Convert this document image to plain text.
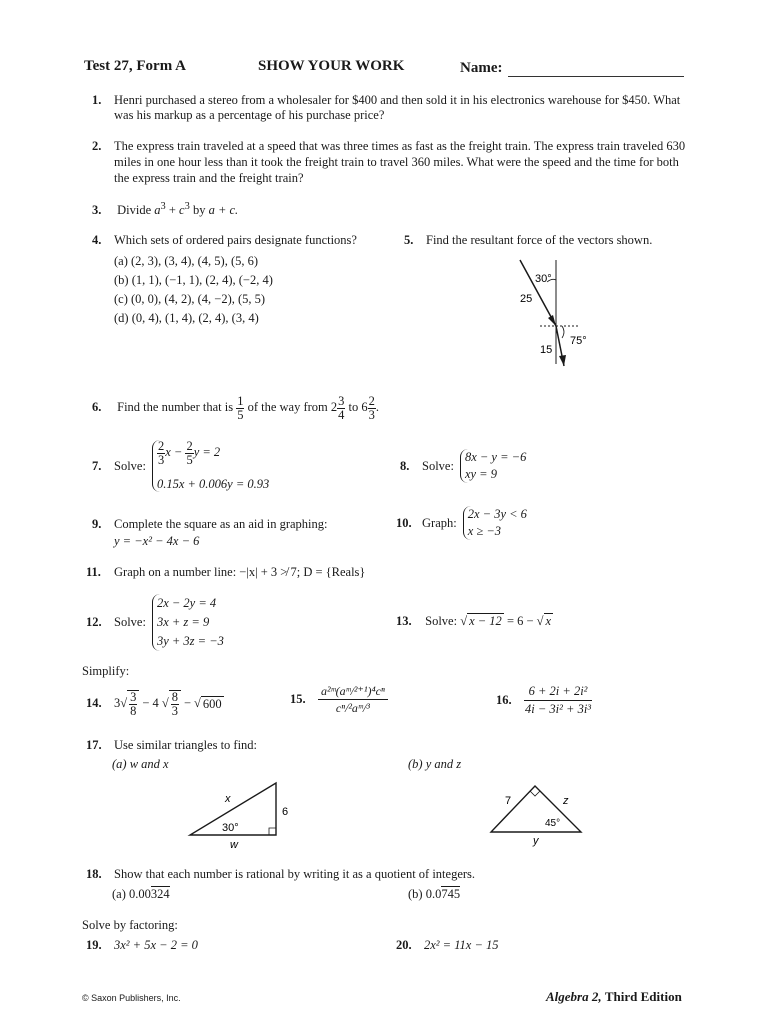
Test 27, Form A	SHOW YOUR WORK	Name:
1. Henri purchased a stereo from a wholesaler for $400 and then sold it in his electronics warehouse for $450. What was his markup as a percentage of his purchase price?
2. The express train traveled at a speed that was three times as fast as the freight train. The express train traveled 630 miles in one hour less than it took the freight train to travel 360 miles. What were the speed and the time for both the express train and the freight train?
3. Divide $a^3 + c^3$ by a + c.
4. Which sets of ordered pairs designate functions?
(a) (2, 3), (3, 4), (4, 5), (5, 6)
(b) (1, 1), (−1, 1), (2, 4), (−2, 4)
(c) (0, 0), (4, 2), (4, −2), (5, 5)
(d) (0, 4), (1, 4), (2, 4), (3, 4)
5. Find the resultant force of the vectors shown.
30°
25
15
75°
6. Find the number that is $\frac{1}{5}$ of the way from $2 \frac{3}{4}$ to $6 \frac{2}{3}$ .
7.	Solve: $\frac{2}{3}$ $x - \frac{2}{5}$ y = 2
0.15x + 0.006y = 0.93
8.	Solve:
8x − y = −6
xy = 9
9. Complete the square as an aid in graphing:
y = −x² − 4x − 6
10. Graph:
2x − 3y < 6
x ≥ −3
11. Graph on a number line: −|x| + 3 ≯ 7; D = {Reals}
12. Solve:
2x − 2y = 4
3x + z = 9
3y + 3z = −3
13. Solve: √ x − 12 = 6 − √ x
Simplify:
14. 3 √ $\frac{3}{8} - 4$ √ $\frac{8}{3}$ − √ 600	15.	$\frac{\text{a²ᵐ(aᵐ/²⁺¹)⁴cⁿ}}{\text{cⁿ/²aᵐ/³}}$	16. $\frac{\text{6 + 2i + 2i²}}{\text{4i − 3i² + 3i³}}$
17. Use similar triangles to find:
(a) w and x	(b) y and z
x
6
30°
w
7	z
45°
y
18. Show that each number is rational by writing it as a quotient of integers.
(a) 0.00324	(b) 0.0745
Solve by factoring:
19. 3x² + 5x − 2 = 0	20. 2x² = 11x − 15
© Saxon Publishers, Inc.	Algebra 2, Third Edition
